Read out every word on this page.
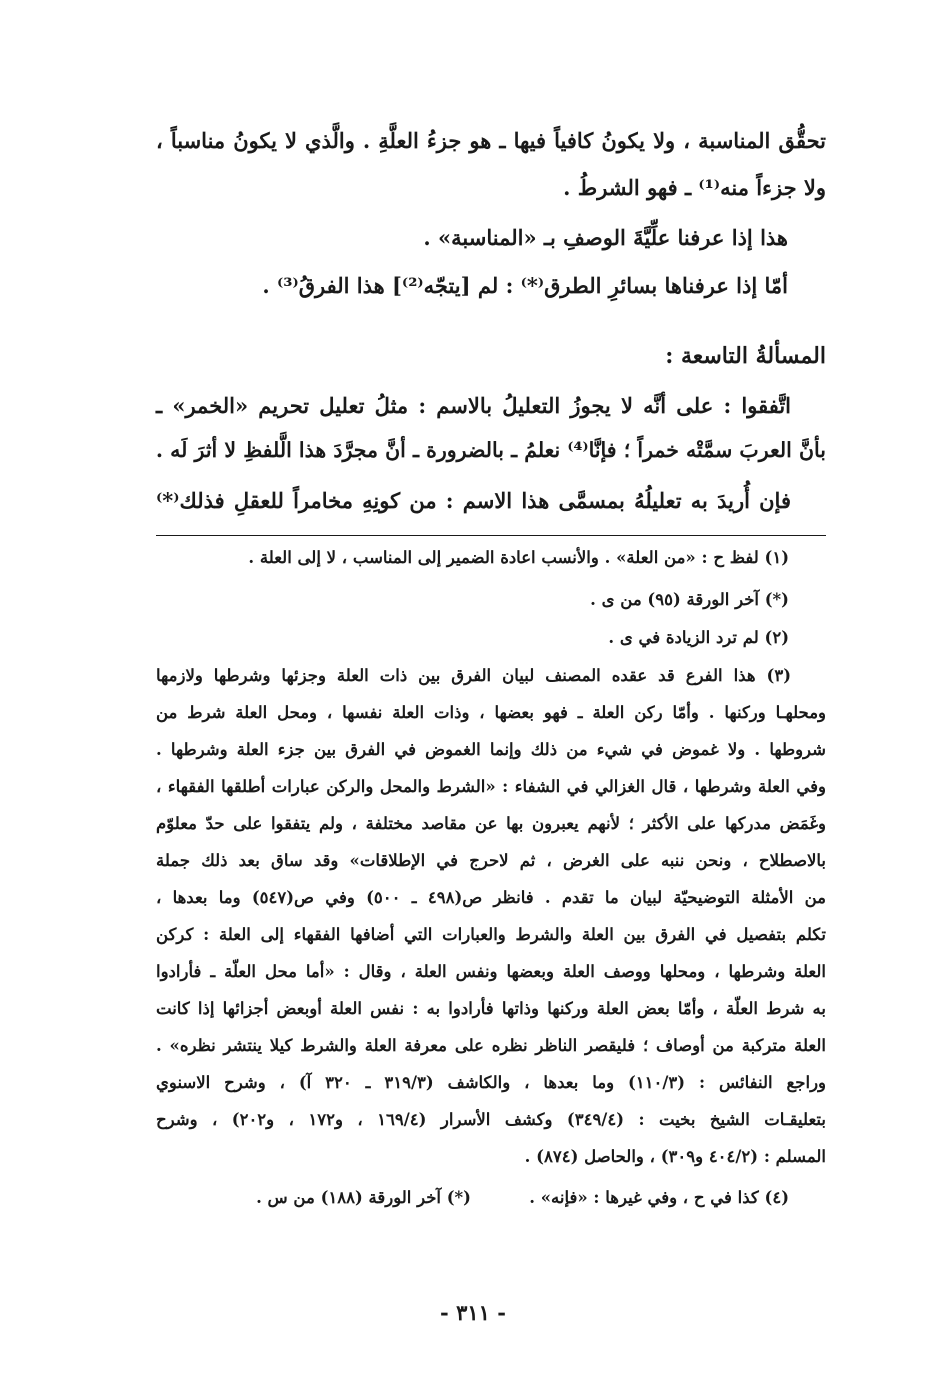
تحقُّق المناسبة ، ولا يكونُ كافياً فيها ـ هو جزءُ العلَّةِ . والَّذي لا يكونُ مناسباً ،
ولا جزءاً منه⁽¹⁾ ـ فهو الشرطُ .
هذا إذا عرفنا علِّيَّةَ الوصفِ بـ «المناسبة» .
أمّا إذا عرفناها بسائرِ الطرق⁽*⁾ : لم [يتجّه⁽²⁾] هذا الفرقُ⁽³⁾ .
المسألةُ التاسعة :
اتَّفقوا : على أنَّه لا يجوزُ التعليلُ بالاسم : مثلُ تعليل تحريم «الخمر» ـ
بأنَّ العربَ سمَّتْه خمراً ؛ فإنَّا⁽⁴⁾ نعلمُ ـ بالضرورة ـ أنَّ مجرَّدَ هذا الَّلفظِ لا أثرَ لَه .
فإن أُريدَ به تعليلُهُ بمسمَّى هذا الاسم : من كونِهِ مخامراً للعقلِ فذلك⁽*⁾
(١) لفظ ح : «من العلة» . والأنسب اعادة الضمير إلى المناسب ، لا إلى العلة .
(*) آخر الورقة (٩٥) من ى .
(٢) لم ترد الزيادة في ى .
(٣) هذا الفرع قد عقده المصنف لبيان الفرق بين ذات العلة وجزئها وشرطها ولازمها
ومحلهـا وركنها . وأمّا ركن العلة ـ فهو بعضها ، وذات العلة نفسها ، ومحل العلة شرط من
شروطها . ولا غموض في شيء من ذلك وإنما الغموض في الفرق بين جزء العلة وشرطها .
وفي العلة وشرطها ، قال الغزالي في الشفاء : «الشرط والمحل والركن عبارات أطلقها الفقهاء ،
وغَمَض مدركها على الأكثر ؛ لأنهم يعبرون بها عن مقاصد مختلفة ، ولم يتفقوا على حدّ معلوّم
بالاصطلاح ، ونحن ننبه على الغرض ، ثم لاحرج في الإطلاقات» وقد ساق بعد ذلك جملة
من الأمثلة التوضيحيّة لبيان ما تقدم . فانظر ص(٤٩٨ ـ ٥٠٠) وفي ص(٥٤٧) وما بعدها ،
تكلم بتفصيل في الفرق بين العلة والشرط والعبارات التي أضافها الفقهاء إلى العلة : كركن
العلة وشرطها ، ومحلها ووصف العلة وبعضها ونفس العلة ، وقال : «أما محل العلّة ـ فأرادوا
به شرط العلّة ، وأمّا بعض العلة وركنها وذاتها فأرادوا به : نفس العلة أوبعض أجزائها إذا كانت
العلة متركبة من أوصاف ؛ فليقصر الناظر نظره على معرفة العلة والشرط كيلا ينتشر نظره» .
وراجع النفائس : (١١٠/٣) وما بعدها ، والكاشف (٣١٩/٣ ـ ٣٢٠ آ) ، وشرح الاسنوي
بتعليقـات الشيخ بخيت : (٣٤٩/٤) وكشف الأسرار (١٦٩/٤ ، و١٧٢ ، و٢٠٢) ، وشرح
المسلم : (٤٠٤/٢ و٣٠٩) ، والحاصل (٨٧٤) .
(٤) كذا في ح ، وفي غيرها : «فإنه» .
(*) آخر الورقة (١٨٨) من س .
- ٣١١ -
